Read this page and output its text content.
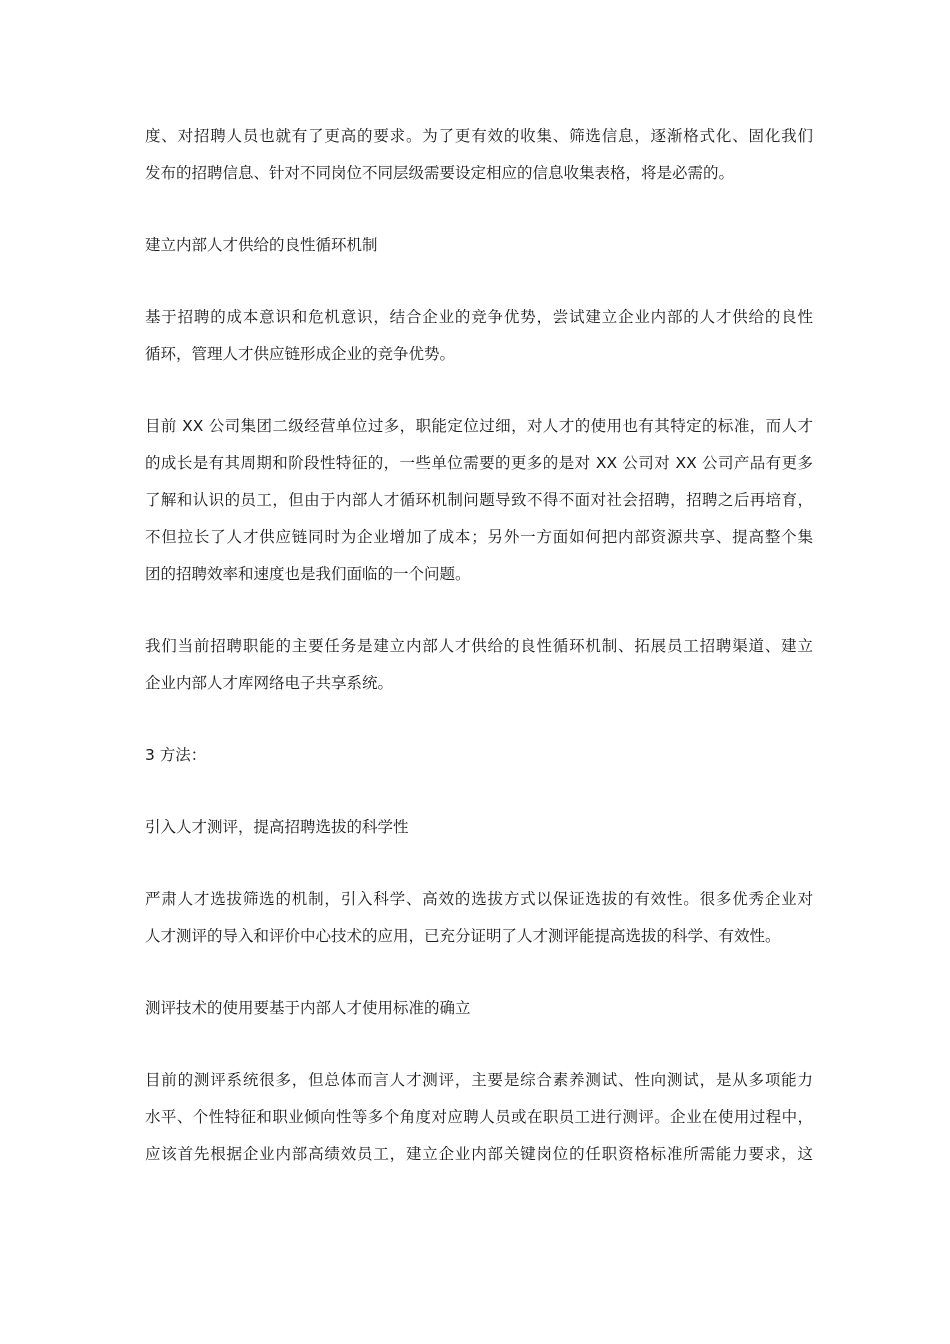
度、对招聘人员也就有了更高的要求。为了更有效的收集、筛选信息，逐渐格式化、固化我们
发布的招聘信息、针对不同岗位不同层级需要设定相应的信息收集表格，将是必需的。
建立内部人才供给的良性循环机制
基于招聘的成本意识和危机意识，结合企业的竞争优势，尝试建立企业内部的人才供给的良性
循环，管理人才供应链形成企业的竞争优势。
目前 XX 公司集团二级经营单位过多，职能定位过细，对人才的使用也有其特定的标准，而人才
的成长是有其周期和阶段性特征的，一些单位需要的更多的是对 XX 公司对 XX 公司产品有更多
了解和认识的员工，但由于内部人才循环机制问题导致不得不面对社会招聘，招聘之后再培育，
不但拉长了人才供应链同时为企业增加了成本；另外一方面如何把内部资源共享、提高整个集
团的招聘效率和速度也是我们面临的一个问题。
我们当前招聘职能的主要任务是建立内部人才供给的良性循环机制、拓展员工招聘渠道、建立
企业内部人才库网络电子共享系统。
3 方法：
引入人才测评，提高招聘选拔的科学性
严肃人才选拔筛选的机制，引入科学、高效的选拔方式以保证选拔的有效性。很多优秀企业对
人才测评的导入和评价中心技术的应用，已充分证明了人才测评能提高选拔的科学、有效性。
测评技术的使用要基于内部人才使用标准的确立
目前的测评系统很多，但总体而言人才测评，主要是综合素养测试、性向测试，是从多项能力
水平、个性特征和职业倾向性等多个角度对应聘人员或在职员工进行测评。企业在使用过程中，
应该首先根据企业内部高绩效员工，建立企业内部关键岗位的任职资格标准所需能力要求，这
